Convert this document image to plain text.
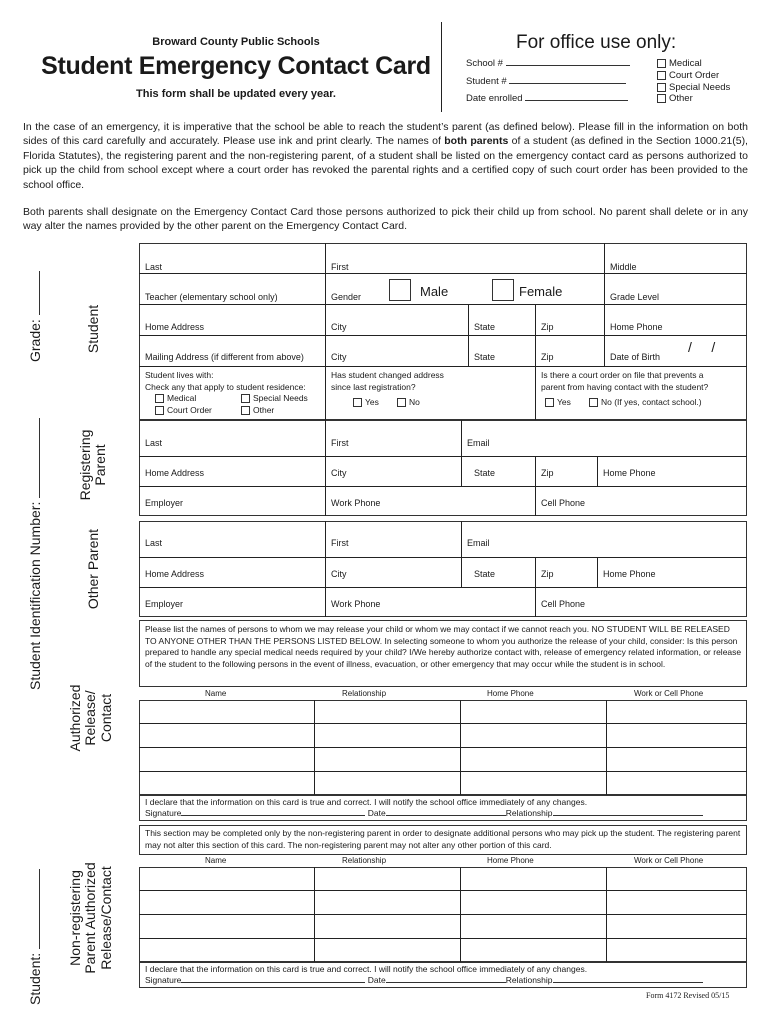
Broward County Public Schools
Student Emergency Contact Card
This form shall be updated every year.
For office use only:
School #
Student #
Date enrolled
Medical
Court Order
Special Needs
Other
In the case of an emergency, it is imperative that the school be able to reach the student’s parent (as defined below). Please fill in the information on both sides of this card carefully and accurately. Please use ink and print clearly. The names of both parents of a student (as defined in the Section 1000.21(5), Florida Statutes), the registering parent and the non-registering parent, of a student shall be listed on the emergency contact card as persons authorized to pick up the child from school except where a court order has revoked the parental rights and a certified copy of such court order has been provided to the school office.
Both parents shall designate on the Emergency Contact Card those persons authorized to pick their child up from school. No parent shall delete or in any way alter the names provided by the other parent on the Emergency Contact Card.
Grade:
Student Identification Number:
Student:
Student
Registering Parent
Other Parent
Authorized Release/ Contact
Non-registering Parent Authorized Release/Contact
Last	First	Middle
Teacher (elementary school only)	Gender	Male	Female	Grade Level
Home Address	City	State	Zip	Home Phone
Mailing Address (if different from above)	City	State	Zip	Date of Birth
/     /
Student lives with:
Check any that apply to student residence:
Medical	Special Needs
Court Order	Other
Has student changed address
since last registration?
Yes	No
Is there a court order on file that prevents a
parent from having contact with the student?
Yes	No (If yes, contact school.)
Last	First	Email
Home Address	City	State	Zip	Home Phone
Employer	Work Phone	Cell Phone
Last	First	Email
Home Address	City	State	Zip	Home Phone
Employer	Work Phone	Cell Phone
Please list the names of persons to whom we may release your child or whom we may contact if we cannot reach you. NO STUDENT WILL BE RELEASED TO ANYONE OTHER THAN THE PERSONS LISTED BELOW. In selecting someone to whom you authorize the release of your child, consider: Is this person prepared to handle any special medical needs required by your child? I/We hereby authorize contact with, release of emergency related information, or release of the student to the following persons in the event of illness, evacuation, or other emergency that may occur while the student is in school.
Name	Relationship	Home Phone	Work or Cell Phone
I declare that the information on this card is true and correct. I will notify the school office immediately of any changes.
Signature	Date	Relationship
This section may be completed only by the non-registering parent in order to designate additional persons who may pick up the student. The registering parent may not alter this section of this card. The non-registering parent may not alter any other portion of this card.
Name	Relationship	Home Phone	Work or Cell Phone
I declare that the information on this card is true and correct. I will notify the school office immediately of any changes.
Signature	Date	Relationship
Form 4172 Revised 05/15
